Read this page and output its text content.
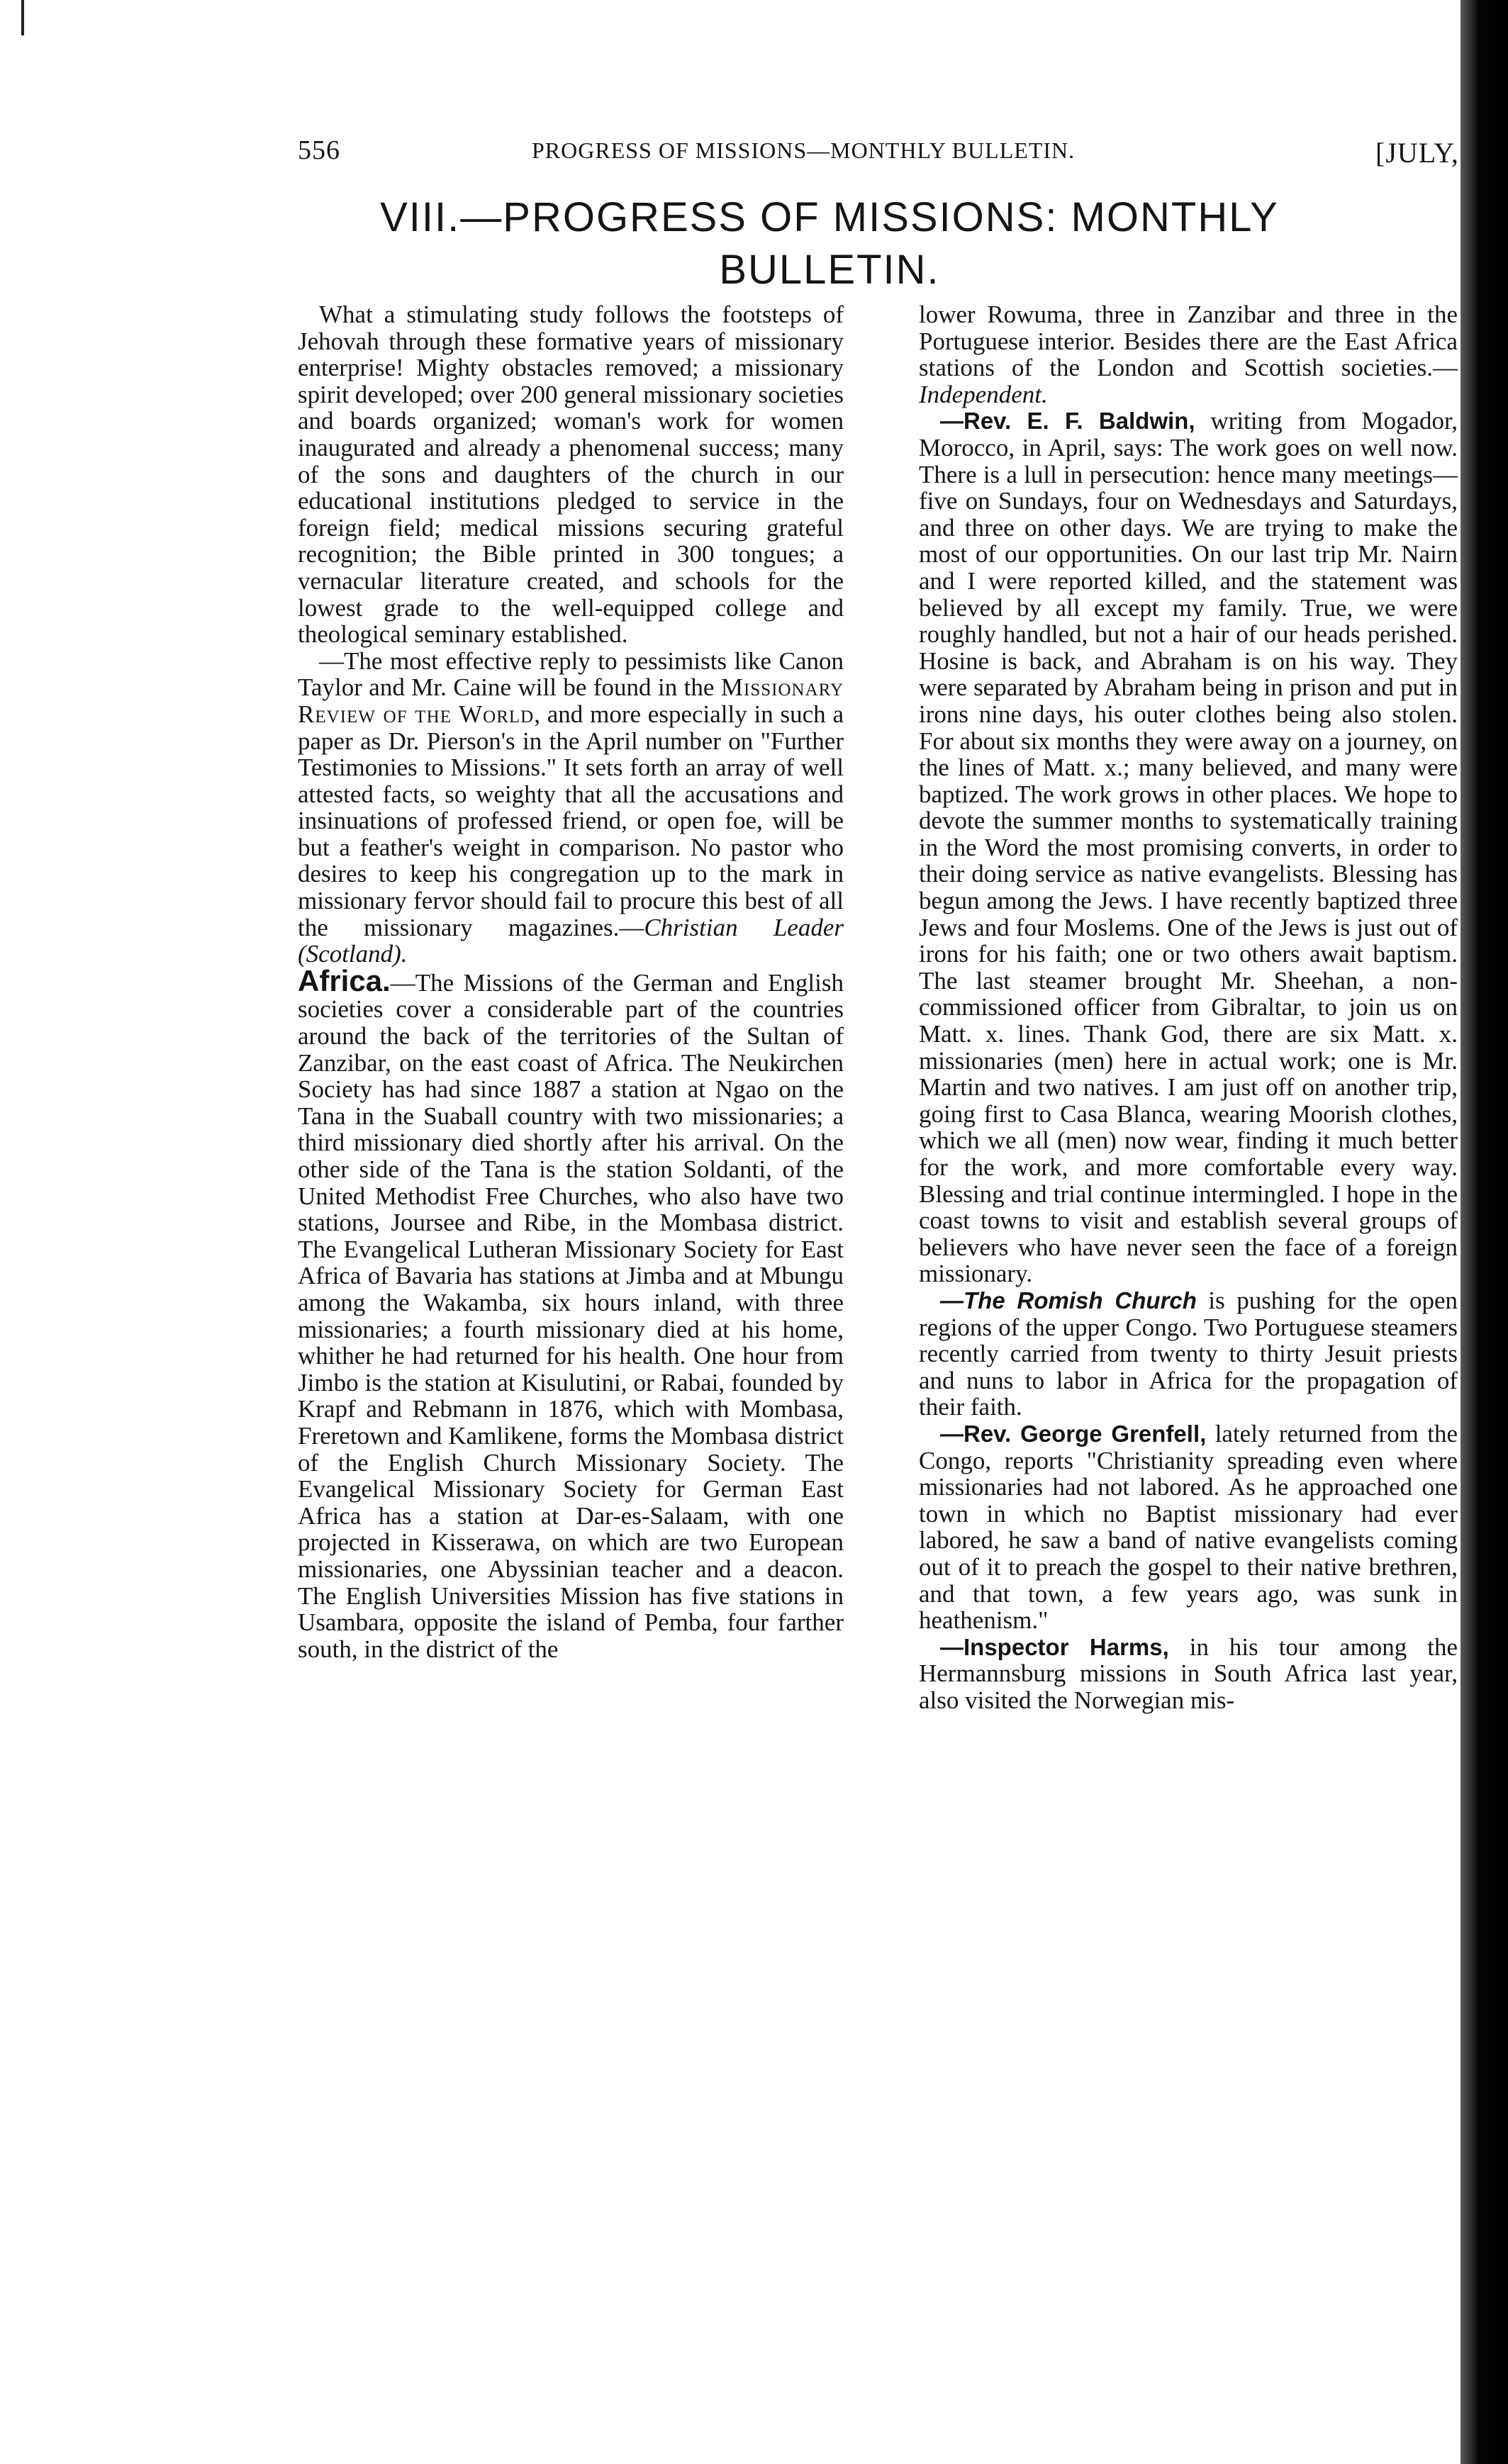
556	PROGRESS OF MISSIONS—MONTHLY BULLETIN.	[JULY,
VIII.—PROGRESS OF MISSIONS: MONTHLY
BULLETIN.

What a stimulating study follows the footsteps of Jehovah through these formative years of missionary enterprise! Mighty obstacles removed; a missionary spirit developed; over 200 general missionary societies and boards organized; woman's work for women inaugurated and already a phenomenal success; many of the sons and daughters of the church in our educational institutions pledged to service in the foreign field; medical missions securing grateful recognition; the Bible printed in 300 tongues; a vernacular literature created, and schools for the lowest grade to the well-equipped college and theological seminary established.

—The most effective reply to pessimists like Canon Taylor and Mr. Caine will be found in the Missionary Review of the World, and more especially in such a paper as Dr. Pierson's in the April number on "Further Testimonies to Missions." It sets forth an array of well attested facts, so weighty that all the accusations and insinuations of professed friend, or open foe, will be but a feather's weight in comparison. No pastor who desires to keep his congregation up to the mark in missionary fervor should fail to procure this best of all the missionary magazines.—Christian Leader (Scotland).

Africa.—The Missions of the German and English societies cover a considerable part of the countries around the back of the territories of the Sultan of Zanzibar, on the east coast of Africa. The Neukirchen Society has had since 1887 a station at Ngao on the Tana in the Suaball country with two missionaries; a third missionary died shortly after his arrival. On the other side of the Tana is the station Soldanti, of the United Methodist Free Churches, who also have two stations, Joursee and Ribe, in the Mombasa district. The Evangelical Lutheran Missionary Society for East Africa of Bavaria has stations at Jimba and at Mbungu among the Wakamba, six hours inland, with three missionaries; a fourth missionary died at his home, whither he had returned for his health. One hour from Jimbo is the station at Kisulutini, or Rabai, founded by Krapf and Rebmann in 1876, which with Mombasa, Freretown and Kamlikene, forms the Mombasa district of the English Church Missionary Society. The Evangelical Missionary Society for German East Africa has a station at Dar-es-Salaam, with one projected in Kisserawa, on which are two European missionaries, one Abyssinian teacher and a deacon. The English Universities Mission has five stations in Usambara, opposite the island of Pemba, four farther south, in the district of the

lower Rowuma, three in Zanzibar and three in the Portuguese interior. Besides there are the East Africa stations of the London and Scottish societies.—Independent.

—Rev. E. F. Baldwin, writing from Mogador, Morocco, in April, says: The work goes on well now. There is a lull in persecution: hence many meetings—five on Sundays, four on Wednesdays and Saturdays, and three on other days. We are trying to make the most of our opportunities. On our last trip Mr. Nairn and I were reported killed, and the statement was believed by all except my family. True, we were roughly handled, but not a hair of our heads perished. Hosine is back, and Abraham is on his way. They were separated by Abraham being in prison and put in irons nine days, his outer clothes being also stolen. For about six months they were away on a journey, on the lines of Matt. x.; many believed, and many were baptized. The work grows in other places. We hope to devote the summer months to systematically training in the Word the most promising converts, in order to their doing service as native evangelists. Blessing has begun among the Jews. I have recently baptized three Jews and four Moslems. One of the Jews is just out of irons for his faith; one or two others await baptism. The last steamer brought Mr. Sheehan, a non-commissioned officer from Gibraltar, to join us on Matt. x. lines. Thank God, there are six Matt. x. missionaries (men) here in actual work; one is Mr. Martin and two natives. I am just off on another trip, going first to Casa Blanca, wearing Moorish clothes, which we all (men) now wear, finding it much better for the work, and more comfortable every way. Blessing and trial continue intermingled. I hope in the coast towns to visit and establish several groups of believers who have never seen the face of a foreign missionary.

—The Romish Church is pushing for the open regions of the upper Congo. Two Portuguese steamers recently carried from twenty to thirty Jesuit priests and nuns to labor in Africa for the propagation of their faith.

—Rev. George Grenfell, lately returned from the Congo, reports "Christianity spreading even where missionaries had not labored. As he approached one town in which no Baptist missionary had ever labored, he saw a band of native evangelists coming out of it to preach the gospel to their native brethren, and that town, a few years ago, was sunk in heathenism."

—Inspector Harms, in his tour among the Hermannsburg missions in South Africa last year, also visited the Norwegian mis-
